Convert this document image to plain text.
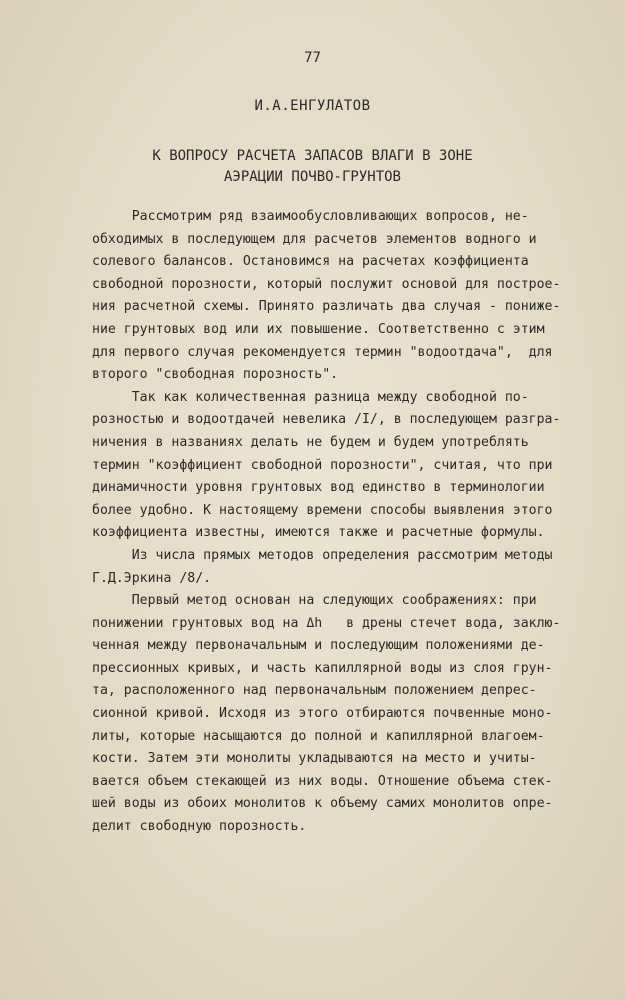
77
И.А.ЕНГУЛАТОВ
К ВОПРОСУ РАСЧЕТА ЗАПАСОВ ВЛАГИ В ЗОНЕ
АЭРАЦИИ ПОЧВО-ГРУНТОВ
Рассмотрим ряд взаимообусловливающих вопросов, не-
обходимых в последующем для расчетов элементов водного и
солевого балансов. Остановимся на расчетах коэффициента
свободной порозности, который послужит основой для построе-
ния расчетной схемы. Принято различать два случая - пониже-
ние грунтовых вод или их повышение. Соответственно с этим
для первого случая рекомендуется термин "водоотдача",  для
второго "свободная порозность".
Так как количественная разница между свободной по-
розностью и водоотдачей невелика /I/, в последующем разгра-
ничения в названиях делать не будем и будем употреблять
термин "коэффициент свободной порозности", считая, что при
динамичности уровня грунтовых вод единство в терминологии
более удобно. К настоящему времени способы выявления этого
коэффициента известны, имеются также и расчетные формулы.
Из числа прямых методов определения рассмотрим методы
Г.Д.Эркина /8/.
Первый метод основан на следующих соображениях: при
понижении грунтовых вод на Δh   в дрены стечет вода, заклю-
ченная между первоначальным и последующим положениями де-
прессионных кривых, и часть капиллярной воды из слоя грун-
та, расположенного над первоначальным положением депрес-
сионной кривой. Исходя из этого отбираются почвенные моно-
литы, которые насыщаются до полной и капиллярной влагоем-
кости. Затем эти монолиты укладываются на место и учиты-
вается объем стекающей из них воды. Отношение объема стек-
шей воды из обоих монолитов к объему самих монолитов опре-
делит свободную порозность.
